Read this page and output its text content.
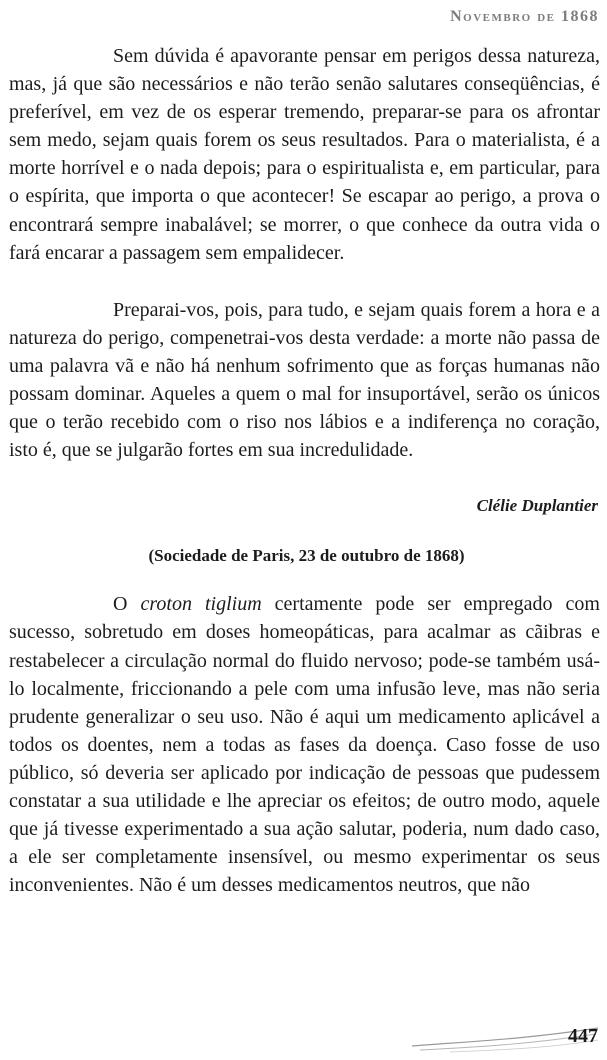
Novembro de 1868

Sem dúvida é apavorante pensar em perigos dessa natureza, mas, já que são necessários e não terão senão salutares conseqüências, é preferível, em vez de os esperar tremendo, preparar-se para os afrontar sem medo, sejam quais forem os seus resultados. Para o materialista, é a morte horrível e o nada depois; para o espiritualista e, em particular, para o espírita, que importa o que acontecer! Se escapar ao perigo, a prova o encontrará sempre inabalável; se morrer, o que conhece da outra vida o fará encarar a passagem sem empalidecer.

Preparai-vos, pois, para tudo, e sejam quais forem a hora e a natureza do perigo, compenetrai-vos desta verdade: a morte não passa de uma palavra vã e não há nenhum sofrimento que as forças humanas não possam dominar. Aqueles a quem o mal for insuportável, serão os únicos que o terão recebido com o riso nos lábios e a indiferença no coração, isto é, que se julgarão fortes em sua incredulidade.

Clélie Duplantier

(Sociedade de Paris, 23 de outubro de 1868)

O croton tiglium certamente pode ser empregado com sucesso, sobretudo em doses homeopáticas, para acalmar as cãibras e restabelecer a circulação normal do fluido nervoso; pode-se também usá-lo localmente, friccionando a pele com uma infusão leve, mas não seria prudente generalizar o seu uso. Não é aqui um medicamento aplicável a todos os doentes, nem a todas as fases da doença. Caso fosse de uso público, só deveria ser aplicado por indicação de pessoas que pudessem constatar a sua utilidade e lhe apreciar os efeitos; de outro modo, aquele que já tivesse experimentado a sua ação salutar, poderia, num dado caso, a ele ser completamente insensível, ou mesmo experimentar os seus inconvenientes. Não é um desses medicamentos neutros, que não

447
